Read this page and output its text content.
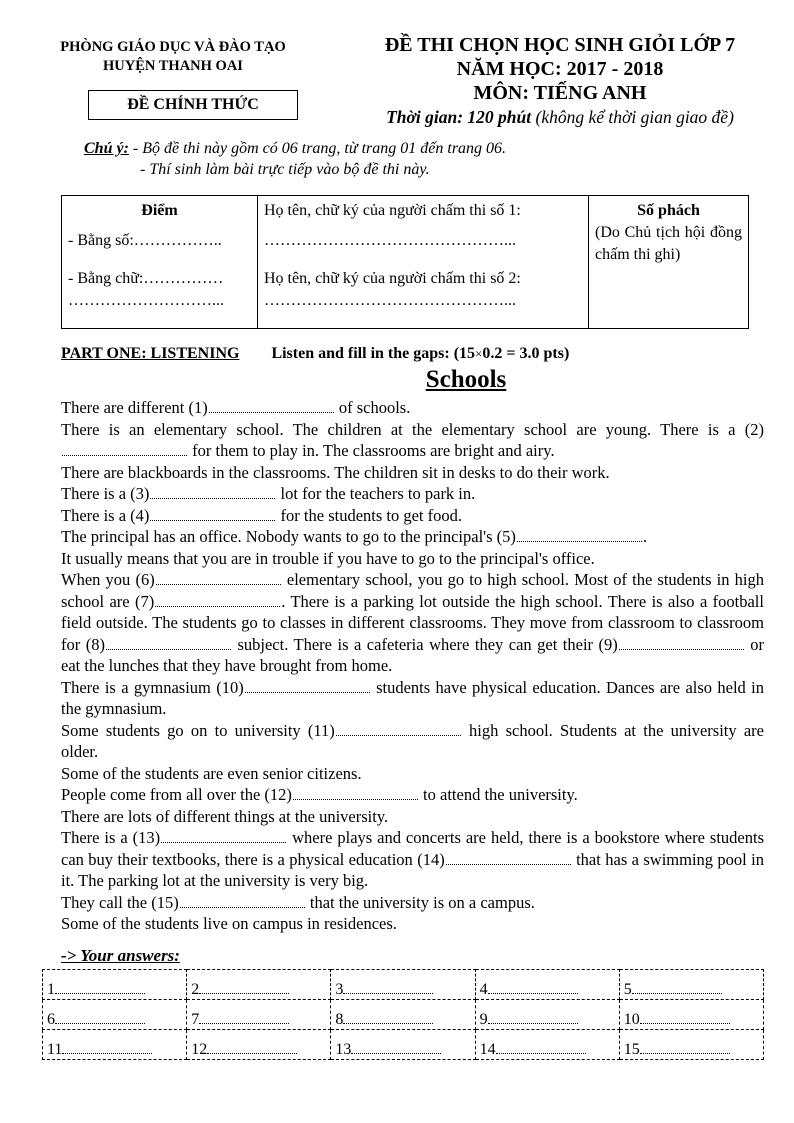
PHÒNG GIÁO DỤC VÀ ĐÀO TẠO
HUYỆN THANH OAI
ĐỀ CHÍNH THỨC
ĐỀ THI CHỌN HỌC SINH GIỎI LỚP 7
NĂM HỌC: 2017 - 2018
MÔN: TIẾNG ANH
Thời gian: 120 phút (không kể thời gian giao đề)
Chú ý: - Bộ đề thi này gồm có 06 trang, từ trang 01 đến trang 06.
- Thí sinh làm bài trực tiếp vào bộ đề thi này.
Điểm
- Bằng số:……………..
- Bằng chữ:……………
………………………...

Họ tên, chữ ký của người chấm thi số 1:
………………………………………...
Họ tên, chữ ký của người chấm thi số 2:
………………………………………...

Số phách
(Do Chủ tịch hội đồng chấm thi ghi)
PART ONE: LISTENING Listen and fill in the gaps: (15×0.2 = 3.0 pts)
Schools

There are different (1)	of schools.

There is an elementary school. The children at the elementary school are young. There is a (2) for them to play in. The classrooms are bright and airy.

There are blackboards in the classrooms. The children sit in desks to do their work.

There is a (3)	lot for the teachers to park in.

There is a (4)	for the students to get food.

The principal has an office. Nobody wants to go to the principal's (5)	.

It usually means that you are in trouble if you have to go to the principal's office.

When you (6)	elementary school, you go to high school. Most of the students in high school are (7)	. There is a parking lot outside the high school. There is also a football field outside. The students go to classes in different classrooms. They move from classroom to classroom for (8)	subject. There is a cafeteria where they can get their (9)	or eat the lunches that they have brought from home.

There is a gymnasium (10)	students have physical education. Dances are also held in the gymnasium.

Some students go on to university (11)	high school. Students at the university are older.

Some of the students are even senior citizens.

People come from all over the (12)	to attend the university.

There are lots of different things at the university.

There is a (13)	where plays and concerts are held, there is a bookstore where students can buy their textbooks, there is a physical education (14)	that has a swimming pool in it. The parking lot at the university is very big.

They call the (15)	that the university is on a campus.

Some of the students live on campus in residences.

-> Your answers:
1	2	3	4	5
6	7	8	9	10
11	12	13	14	15
